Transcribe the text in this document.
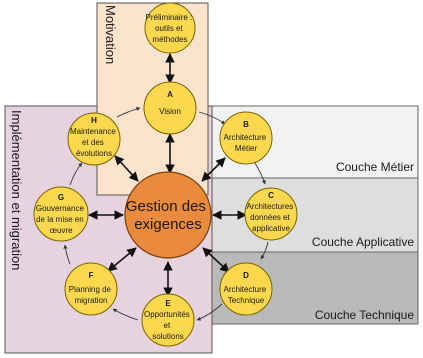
Motivation
Implémentation et migration	Couche Métier
Couche Applicative
Couche Technique
Préliminaire : outils et méthodes
A
Vision
B
Architecture Métier
C
Architectures données et applicative
D
Architecture Technique
E
Opportunités et solutions
F
Planning de migration
G
Gouvernance de la mise en œuvre
H
Maintenance et des évolutions
Gestion des exigences
